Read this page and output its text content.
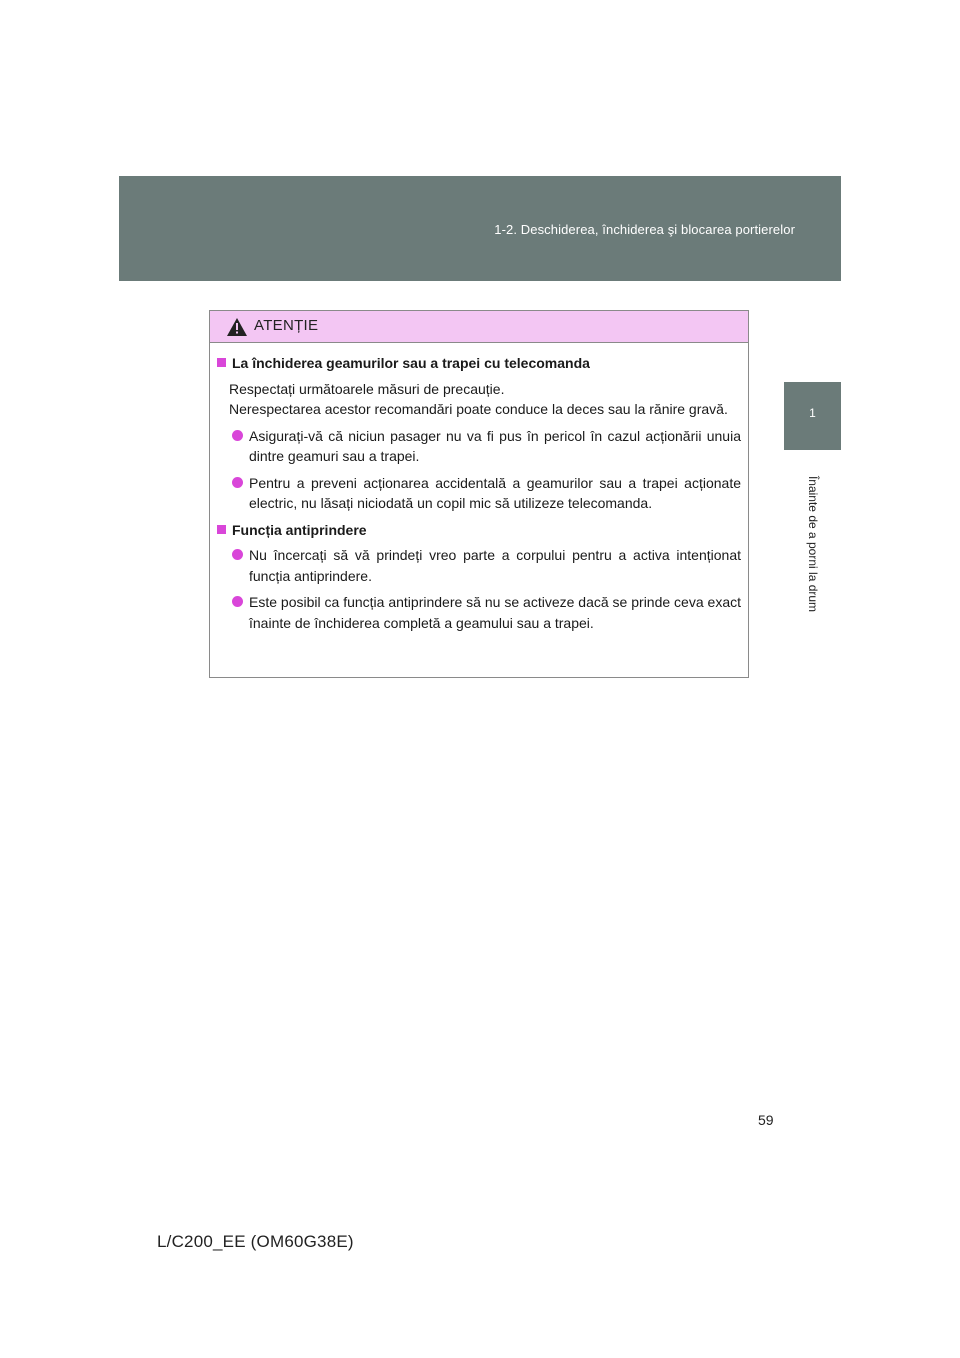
1-2. Deschiderea, închiderea şi blocarea portierelor
1
Înainte de a porni la drum
ATENȚIE
La închiderea geamurilor sau a trapei cu telecomanda
Respectați următoarele măsuri de precauție.
Nerespectarea acestor recomandări poate conduce la deces sau la rănire gravă.
Asigurați-vă că niciun pasager nu va fi pus în pericol în cazul acționării unuia dintre geamuri sau a trapei.
Pentru a preveni acționarea accidentală a geamurilor sau a trapei acționate electric, nu lăsați niciodată un copil mic să utilizeze telecomanda.
Funcția antiprindere
Nu încercați să vă prindeți vreo parte a corpului pentru a activa intenționat funcția antiprindere.
Este posibil ca funcția antiprindere să nu se activeze dacă se prinde ceva exact înainte de închiderea completă a geamului sau a trapei.
59
L/C200_EE (OM60G38E)
